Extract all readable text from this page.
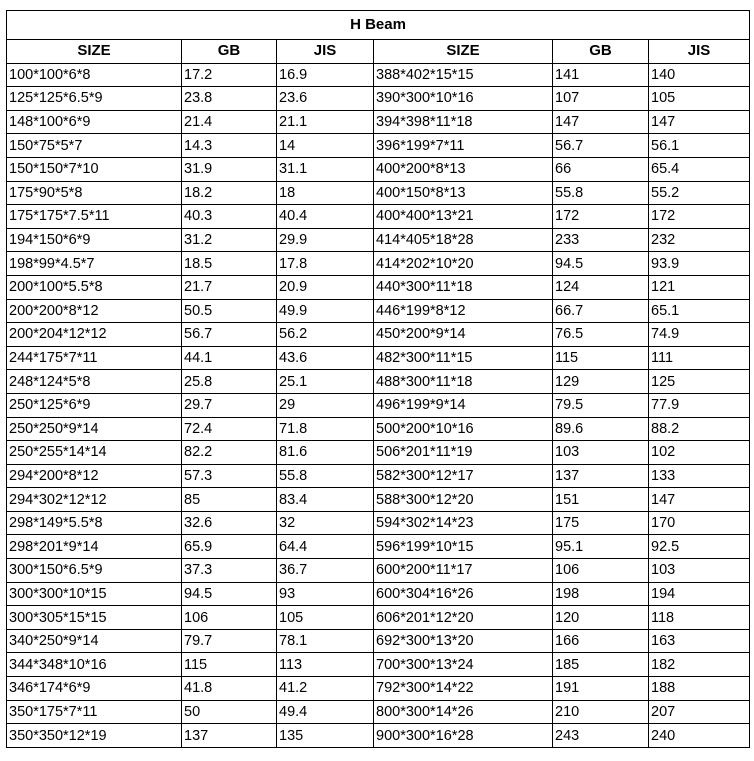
H Beam					
SIZE	GB	JIS	SIZE	GB	JIS
100*100*6*8	17.2	16.9	388*402*15*15	141	140
125*125*6.5*9	23.8	23.6	390*300*10*16	107	105
148*100*6*9	21.4	21.1	394*398*11*18	147	147
150*75*5*7	14.3	14	396*199*7*11	56.7	56.1
150*150*7*10	31.9	31.1	400*200*8*13	66	65.4
175*90*5*8	18.2	18	400*150*8*13	55.8	55.2
175*175*7.5*11	40.3	40.4	400*400*13*21	172	172
194*150*6*9	31.2	29.9	414*405*18*28	233	232
198*99*4.5*7	18.5	17.8	414*202*10*20	94.5	93.9
200*100*5.5*8	21.7	20.9	440*300*11*18	124	121
200*200*8*12	50.5	49.9	446*199*8*12	66.7	65.1
200*204*12*12	56.7	56.2	450*200*9*14	76.5	74.9
244*175*7*11	44.1	43.6	482*300*11*15	115	111
248*124*5*8	25.8	25.1	488*300*11*18	129	125
250*125*6*9	29.7	29	496*199*9*14	79.5	77.9
250*250*9*14	72.4	71.8	500*200*10*16	89.6	88.2
250*255*14*14	82.2	81.6	506*201*11*19	103	102
294*200*8*12	57.3	55.8	582*300*12*17	137	133
294*302*12*12	85	83.4	588*300*12*20	151	147
298*149*5.5*8	32.6	32	594*302*14*23	175	170
298*201*9*14	65.9	64.4	596*199*10*15	95.1	92.5
300*150*6.5*9	37.3	36.7	600*200*11*17	106	103
300*300*10*15	94.5	93	600*304*16*26	198	194
300*305*15*15	106	105	606*201*12*20	120	118
340*250*9*14	79.7	78.1	692*300*13*20	166	163
344*348*10*16	115	113	700*300*13*24	185	182
346*174*6*9	41.8	41.2	792*300*14*22	191	188
350*175*7*11	50	49.4	800*300*14*26	210	207
350*350*12*19	137	135	900*300*16*28	243	240
